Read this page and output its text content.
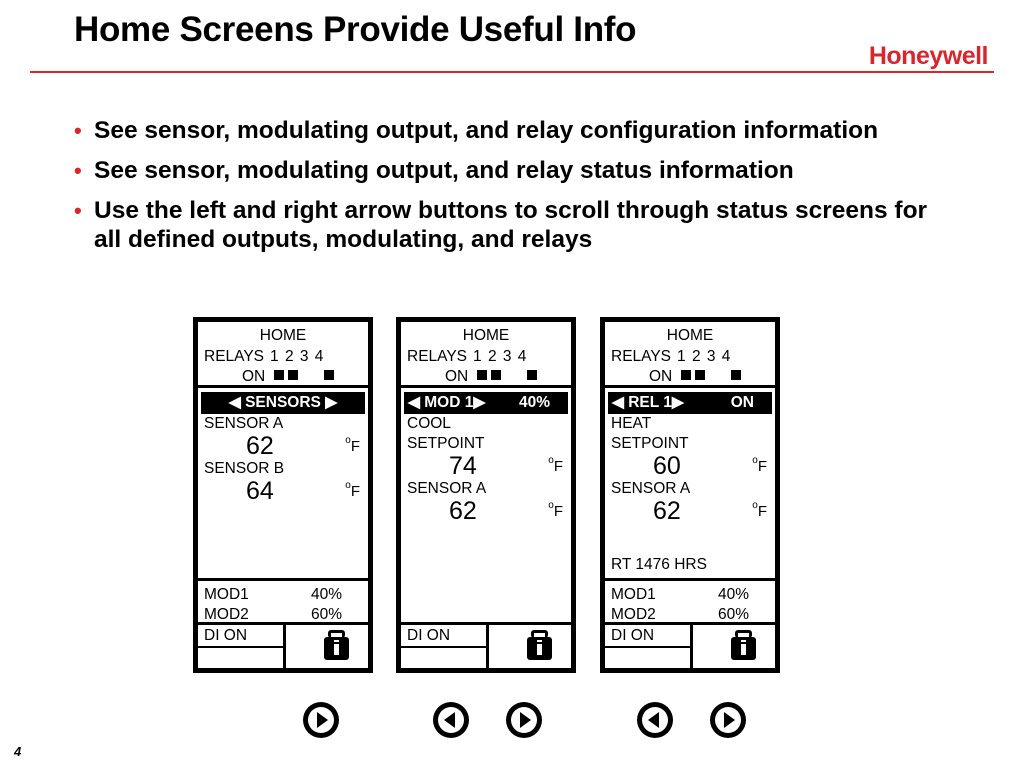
Home Screens Provide Useful Info
Honeywell
• See sensor, modulating output, and relay configuration information
• See sensor, modulating output, and relay status information
• Use the left and right arrow buttons to scroll through status screens for all defined outputs, modulating, and relays
HOME
RELAYS 1 2 3 4
ON
◀ SENSORS ▶
SENSOR A
62	$^o$F
SENSOR B
64	$^o$F
MOD1	40%
MOD2	60%
DI ON
HOME
RELAYS 1 2 3 4
ON
◀ MOD 1▶ 40%
COOL
SETPOINT
74	$^o$F
SENSOR A
62	$^o$F
DI ON
HOME
RELAYS 1 2 3 4
ON
◀ REL 1▶	ON
HEAT
SETPOINT
60	$^o$F
SENSOR A
62	$^o$F
RT 1476 HRS
MOD1	40%
MOD2	60%
DI ON
4
